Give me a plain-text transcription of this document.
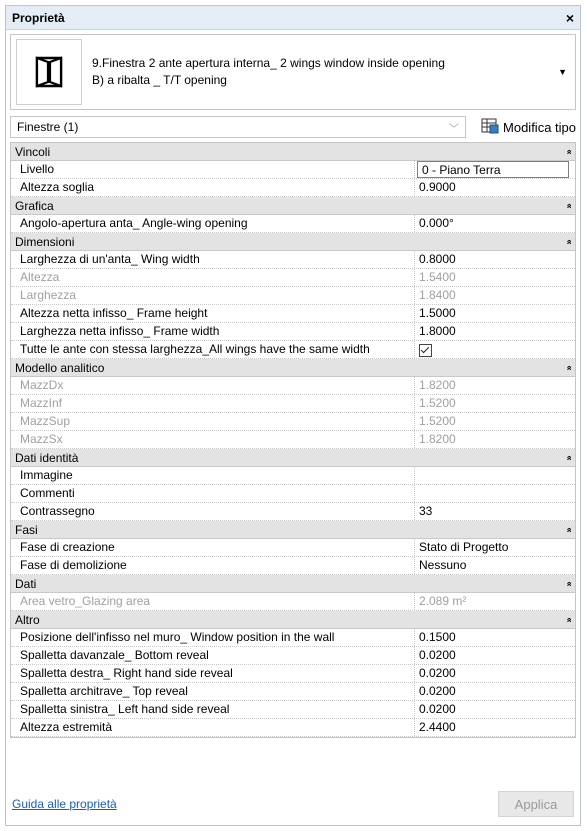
Proprietà	×
9.Finestra 2 ante apertura interna_ 2 wings window inside opening
B) a ribalta _ T/T opening
▼
Finestre (1)	﹀	Modifica tipo
Vincoli	»
Livello	0 - Piano Terra
Altezza soglia	0.9000
Grafica	»
Angolo-apertura anta_ Angle-wing opening	0.000°
Dimensioni	»
Larghezza di un'anta_ Wing width	0.8000
Altezza	1.5400
Larghezza	1.8400
Altezza netta infisso_ Frame height	1.5000
Larghezza netta infisso_ Frame width	1.8000
Tutte le ante con stessa larghezza_All wings have the same width
Modello analitico	»
MazzDx	1.8200
MazzInf	1.5200
MazzSup	1.5200
MazzSx	1.8200
Dati identità	»
Immagine
Commenti
Contrassegno	33
Fasi	»
Fase di creazione	Stato di Progetto
Fase di demolizione	Nessuno
Dati	»
Area vetro_Glazing area	2.089 m²
Altro	»
Posizione dell'infisso nel muro_ Window position in the wall	0.1500
Spalletta davanzale_ Bottom reveal	0.0200
Spalletta destra_ Right hand side reveal	0.0200
Spalletta architrave_ Top reveal	0.0200
Spalletta sinistra_ Left hand side reveal	0.0200
Altezza estremità	2.4400
Guida alle proprietà	Applica
